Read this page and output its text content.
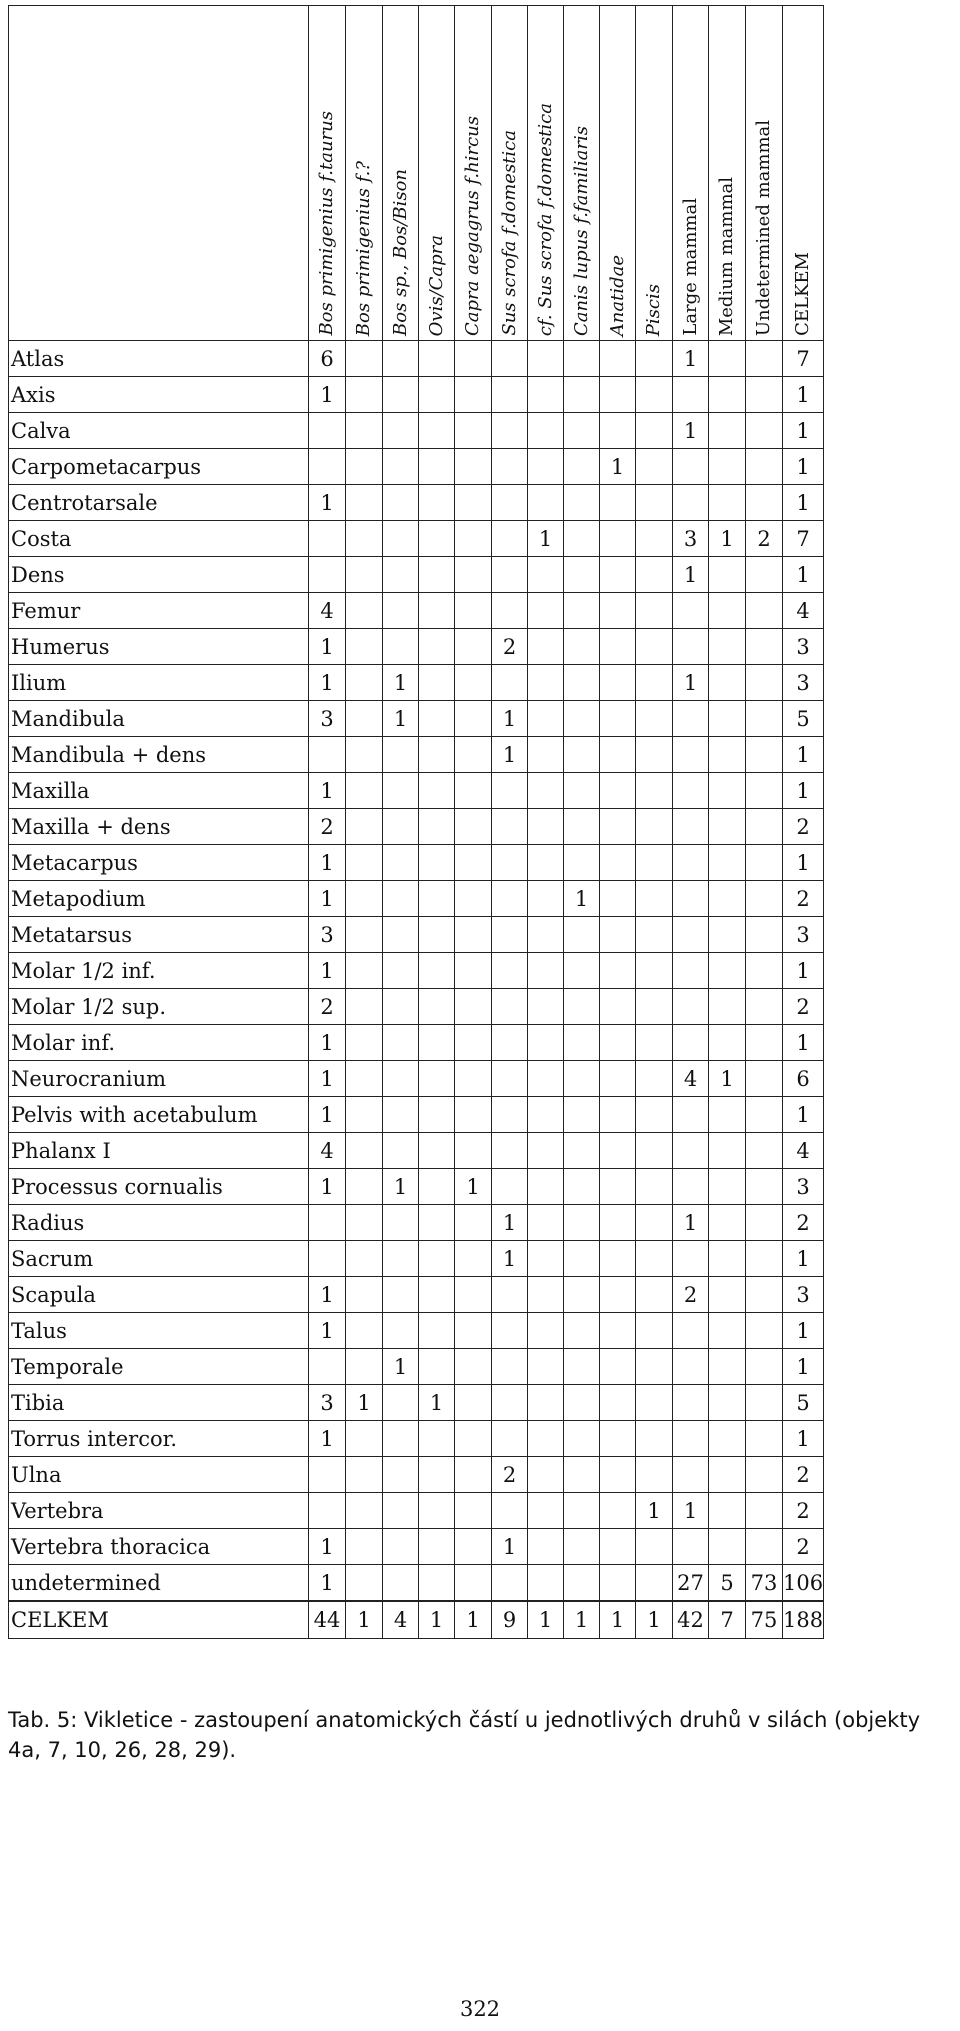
	Bos primigenius f.taurus	Bos primigenius f.?	Bos sp., Bos/Bison	Ovis/Capra	Capra aegagrus f.hircus	Sus scrofa f.domestica	cf. Sus scrofa f.domestica	Canis lupus f.familiaris	Anatidae	Piscis	Large mammal	Medium mammal	Undetermined mammal	CELKEM
Atlas	6										1			7
Axis	1													1
Calva											1			1
Carpometacarpus									1					1
Centrotarsale	1													1
Costa							1				3	1	2	7
Dens											1			1
Femur	4													4
Humerus	1					2								3
Ilium	1		1								1			3
Mandibula	3		1			1								5
Mandibula + dens						1								1
Maxilla	1													1
Maxilla + dens	2													2
Metacarpus	1													1
Metapodium	1							1						2
Metatarsus	3													3
Molar 1/2 inf.	1													1
Molar 1/2 sup.	2													2
Molar inf.	1													1
Neurocranium	1										4	1		6
Pelvis with acetabulum	1													1
Phalanx I	4													4
Processus cornualis	1		1		1									3
Radius						1					1			2
Sacrum						1								1
Scapula	1										2			3
Talus	1													1
Temporale			1											1
Tibia	3	1		1										5
Torrus intercor.	1													1
Ulna						2								2
Vertebra										1	1			2
Vertebra thoracica	1					1								2
undetermined	1										27	5	73	106
CELKEM	44	1	4	1	1	9	1	1	1	1	42	7	75	188
Tab. 5: Vikletice - zastoupení anatomických částí u jednotlivých druhů v silách (objekty 4a, 7, 10, 26, 28, 29).
322
